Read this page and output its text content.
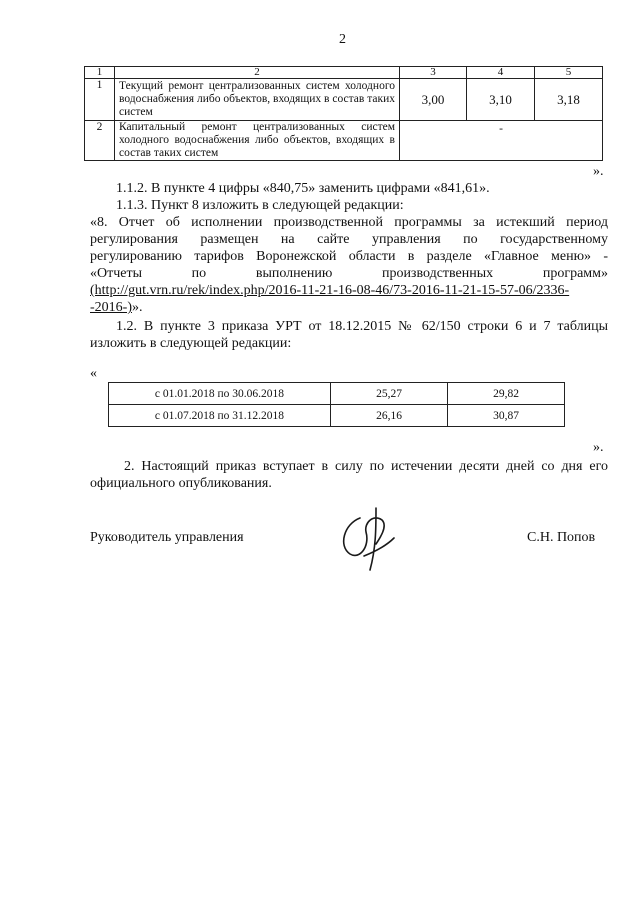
2
1	2	3	4	5
1	Текущий ремонт централизованных систем холодного водоснабжения либо объектов, входящих в состав таких систем	3,00	3,10	3,18
2	Капитальный ремонт централизованных систем холодного водоснабжения либо объектов, входящих в состав таких систем	-		
».
1.1.2. В пункте 4 цифры «840,75» заменить цифрами «841,61».
1.1.3. Пункт 8 изложить в следующей редакции:
«8. Отчет об исполнении производственной программы за истекший период
регулирования размещен на сайте управления по государственному
регулированию тарифов Воронежской области в разделе «Главное меню» -
«Отчеты по выполнению производственных программ»
(http://gut.vrn.ru/rek/index.php/2016-11-21-16-08-46/73-2016-11-21-15-57-06/2336-
-2016-)».
1.2. В пункте 3 приказа УРТ от 18.12.2015 № 62/150 строки 6 и 7 таблицы
изложить в следующей редакции:
«
с 01.01.2018 по 30.06.2018	25,27	29,82
с 01.07.2018 по 31.12.2018	26,16	30,87
».
2. Настоящий приказ вступает в силу по истечении десяти дней со дня его
официального опубликования.
Руководитель управления	С.Н. Попов
